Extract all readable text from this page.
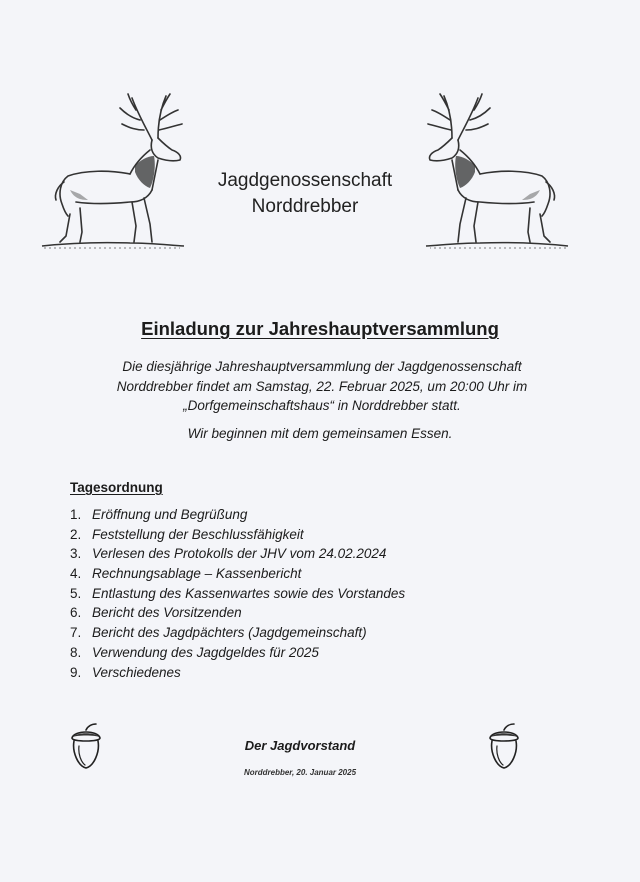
Jagdgenossenschaft
Norddrebber
Einladung zur Jahreshauptversammlung
Die diesjährige Jahreshauptversammlung der Jagdgenossenschaft
Norddrebber findet am Samstag, 22. Februar 2025, um 20:00 Uhr im
„Dorfgemeinschaftshaus“ in Norddrebber statt.
Wir beginnen mit dem gemeinsamen Essen.
Tagesordnung
1. Eröffnung und Begrüßung
2. Feststellung der Beschlussfähigkeit
3. Verlesen des Protokolls der JHV vom 24.02.2024
4. Rechnungsablage – Kassenbericht
5. Entlastung des Kassenwartes sowie des Vorstandes
6. Bericht des Vorsitzenden
7. Bericht des Jagdpächters (Jagdgemeinschaft)
8. Verwendung des Jagdgeldes für 2025
9. Verschiedenes
Der Jagdvorstand
Norddrebber, 20. Januar 2025
